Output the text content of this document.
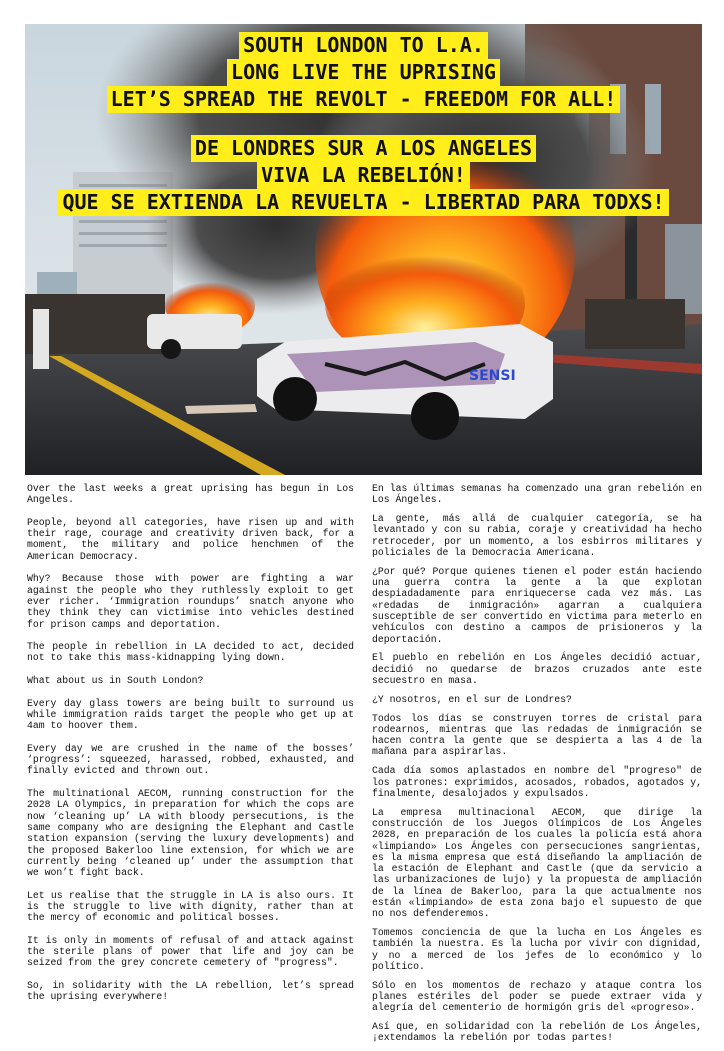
SENSI
SOUTH LONDON TO L.A.
LONG LIVE THE UPRISING
LET’S SPREAD THE REVOLT - FREEDOM FOR ALL!
DE LONDRES SUR A LOS ANGELES
VIVA LA REBELIÓN!
QUE SE EXTIENDA LA REVUELTA - LIBERTAD PARA TODXS!

Over the last weeks a great uprising has begun in Los Angeles.

People, beyond all categories, have risen up and with their rage, courage and creativity driven back, for a moment, the military and police henchmen of the American Democracy.

Why? Because those with power are fighting a war against the people who they ruthlessly exploit to get ever richer. ‘Immigration roundups’ snatch anyone who they think they can victimise into vehicles destined for prison camps and deportation.

The people in rebellion in LA decided to act, decided not to take this mass-kidnapping lying down.

What about us in South London?

Every day glass towers are being built to surround us while immigration raids target the people who get up at 4am to hoover them.

Every day we are crushed in the name of the bosses’ ‘progress’: squeezed, harassed, robbed, exhausted, and finally evicted and thrown out.

The multinational AECOM, running construction for the 2028 LA Olympics, in preparation for which the cops are now ‘cleaning up’ LA with bloody persecutions, is the same company who are designing the Elephant and Castle station expansion (serving the luxury developments) and the proposed Bakerloo line extension, for which we are currently being ‘cleaned up’ under the assumption that we won’t fight back.

Let us realise that the struggle in LA is also ours. It is the struggle to live with dignity, rather than at the mercy of economic and political bosses.

It is only in moments of refusal of and attack against the sterile plans of power that life and joy can be seized from the grey concrete cemetery of "progress".

So, in solidarity with the LA rebellion, let’s spread the uprising everywhere!

En las últimas semanas ha comenzado una gran rebelión en Los Ángeles.

La gente, más allá de cualquier categoría, se ha levantado y con su rabia, coraje y creatividad ha hecho retroceder, por un momento, a los esbirros militares y policiales de la Democracia Americana.

¿Por qué? Porque quienes tienen el poder están haciendo una guerra contra la gente a la que explotan despiadadamente para enriquecerse cada vez más. Las «redadas de inmigración» agarran a cualquiera susceptible de ser convertido en victima para meterlo en vehículos con destino a campos de prisioneros y la deportación.

El pueblo en rebelión en Los Ángeles decidió actuar, decidió no quedarse de brazos cruzados ante este secuestro en masa.

¿Y nosotros, en el sur de Londres?

Todos los días se construyen torres de cristal para rodearnos, mientras que las redadas de inmigración se hacen contra la gente que se despierta a las 4 de la mañana para aspirarlas.

Cada día somos aplastados en nombre del "progreso" de los patrones: exprimidos, acosados, robados, agotados y, finalmente, desalojados y expulsados.

La empresa multinacional AECOM, que dirige la construcción de los Juegos Olímpicos de Los Ángeles 2028, en preparación de los cuales la policía está ahora «limpiando» Los Ángeles con persecuciones sangrientas, es la misma empresa que está diseñando la ampliación de la estación de Elephant and Castle (que da servicio a las urbanizaciones de lujo) y la propuesta de ampliación de la línea de Bakerloo, para la que actualmente nos están «limpiando» de esta zona bajo el supuesto de que no nos defenderemos.

Tomemos conciencia de que la lucha en Los Ángeles es también la nuestra. Es la lucha por vivir con dignidad, y no a merced de los jefes de lo económico y lo político.

Sólo en los momentos de rechazo y ataque contra los planes estériles del poder se puede extraer vida y alegría del cementerio de hormigón gris del «progreso».

Así que, en solidaridad con la rebelión de Los Ángeles, ¡extendamos la rebelión por todas partes!
